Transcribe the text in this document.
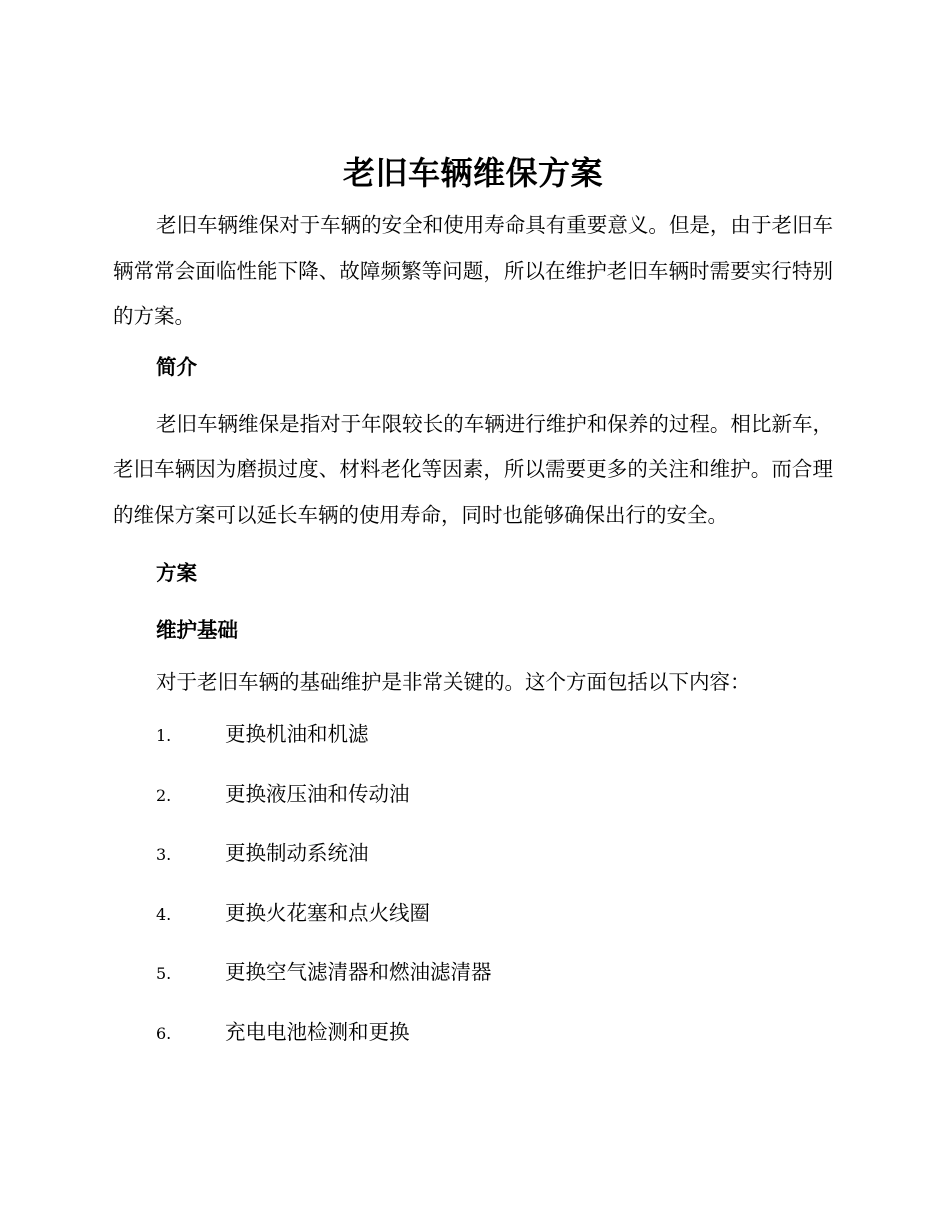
老旧车辆维保方案

老旧车辆维保对于车辆的安全和使用寿命具有重要意义。但是，由于老旧车辆常常会面临性能下降、故障频繁等问题，所以在维护老旧车辆时需要实行特别的方案。

简介

老旧车辆维保是指对于年限较长的车辆进行维护和保养的过程。相比新车，老旧车辆因为磨损过度、材料老化等因素，所以需要更多的关注和维护。而合理的维保方案可以延长车辆的使用寿命，同时也能够确保出行的安全。

方案
维护基础

对于老旧车辆的基础维护是非常关键的。这个方面包括以下内容：

1.	更换机油和机滤
2.	更换液压油和传动油
3.	更换制动系统油
4.	更换火花塞和点火线圈
5.	更换空气滤清器和燃油滤清器
6.	充电电池检测和更换
